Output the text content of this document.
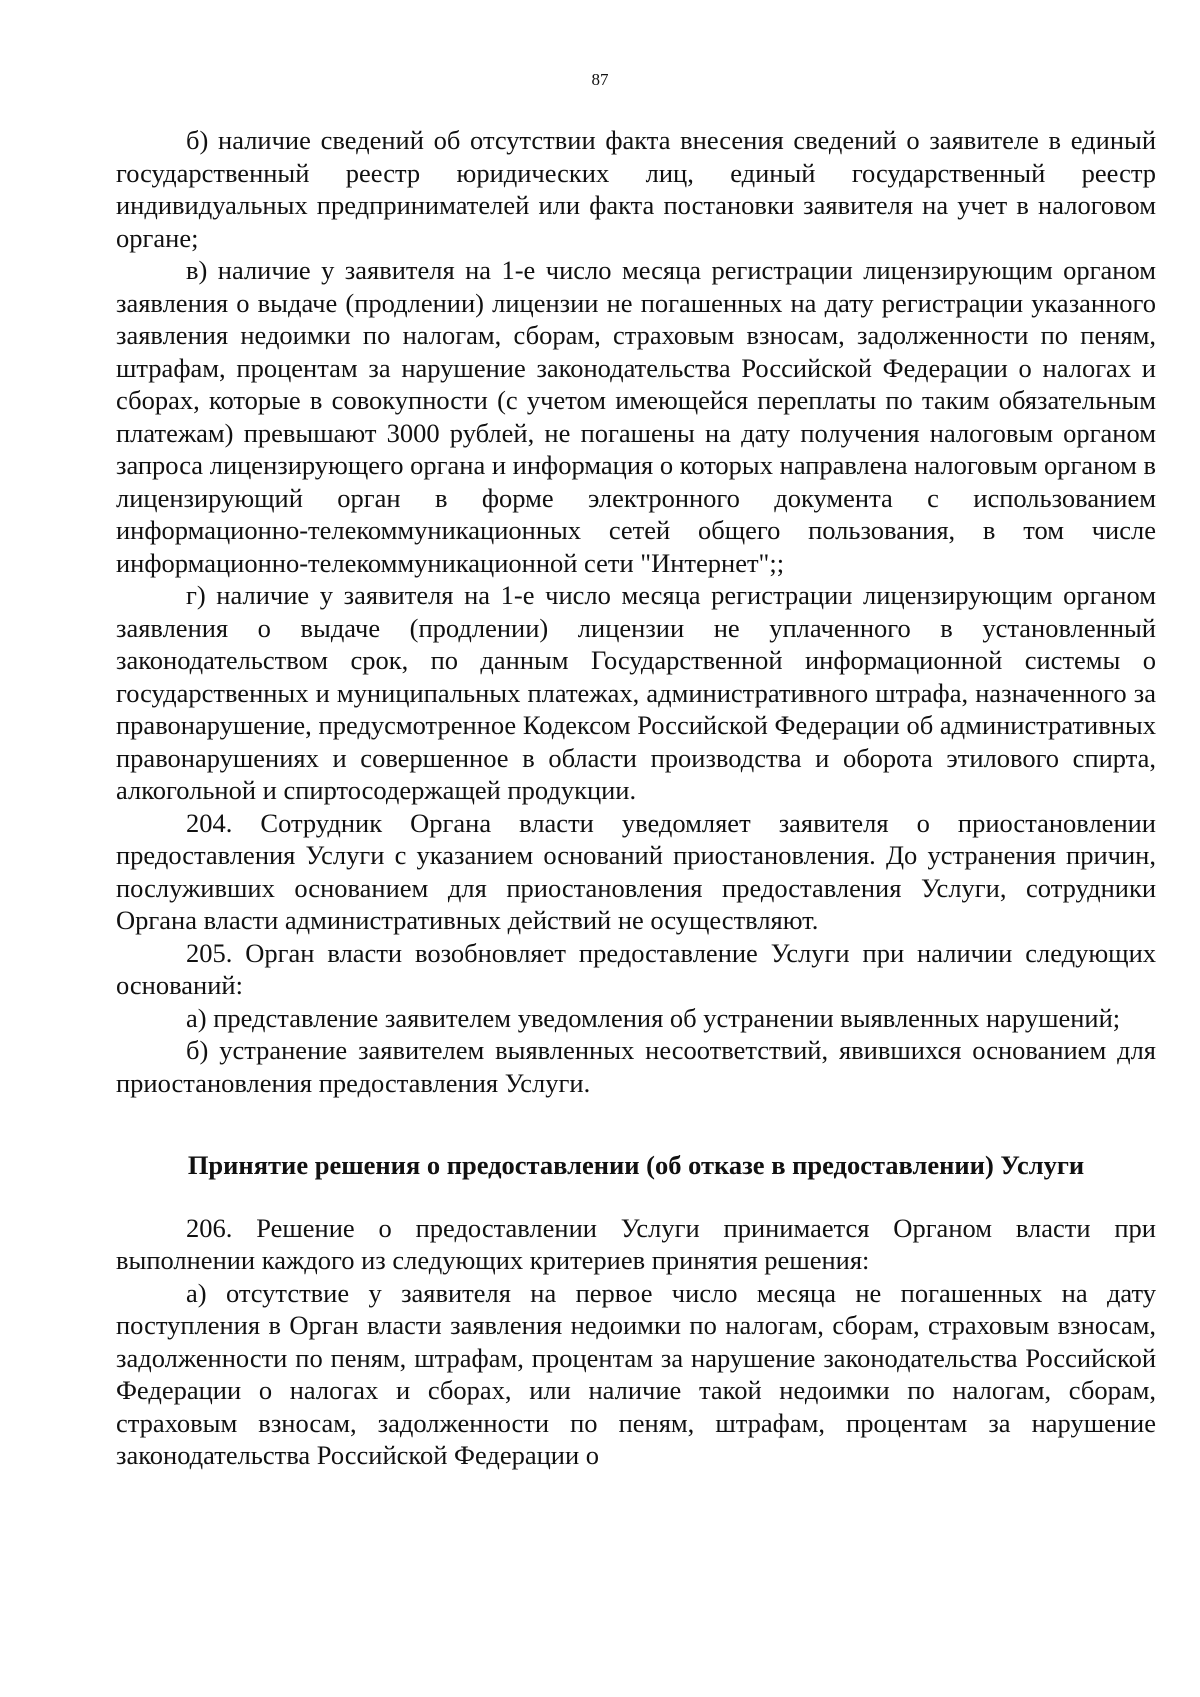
87

б) наличие сведений об отсутствии факта внесения сведений о заявителе в единый государственный реестр юридических лиц, единый государственный реестр индивидуальных предпринимателей или факта постановки заявителя на учет в налоговом органе;

в) наличие у заявителя на 1-е число месяца регистрации лицензирующим органом заявления о выдаче (продлении) лицензии не погашенных на дату регистрации указанного заявления недоимки по налогам, сборам, страховым взносам, задолженности по пеням, штрафам, процентам за нарушение законодательства Российской Федерации о налогах и сборах, которые в совокупности (с учетом имеющейся переплаты по таким обязательным платежам) превышают 3000 рублей, не погашены на дату получения налоговым органом запроса лицензирующего органа и информация о которых направлена налоговым органом в лицензирующий орган в форме электронного документа с использованием информационно-телекоммуникационных сетей общего пользования, в том числе информационно-телекоммуникационной сети "Интернет";;

г) наличие у заявителя на 1-е число месяца регистрации лицензирующим органом заявления о выдаче (продлении) лицензии не уплаченного в установленный законодательством срок, по данным Государственной информационной системы о государственных и муниципальных платежах, административного штрафа, назначенного за правонарушение, предусмотренное Кодексом Российской Федерации об административных правонарушениях и совершенное в области производства и оборота этилового спирта, алкогольной и спиртосодержащей продукции.

204. Сотрудник Органа власти уведомляет заявителя о приостановлении предоставления Услуги с указанием оснований приостановления. До устранения причин, послуживших основанием для приостановления предоставления Услуги, сотрудники Органа власти административных действий не осуществляют.

205. Орган власти возобновляет предоставление Услуги при наличии следующих оснований:

а) представление заявителем уведомления об устранении выявленных нарушений;

б) устранение заявителем выявленных несоответствий, явившихся основанием для приостановления предоставления Услуги.

Принятие решения о предоставлении (об отказе в предоставлении) Услуги

206. Решение о предоставлении Услуги принимается Органом власти при выполнении каждого из следующих критериев принятия решения:

а) отсутствие у заявителя на первое число месяца не погашенных на дату поступления в Орган власти заявления недоимки по налогам, сборам, страховым взносам, задолженности по пеням, штрафам, процентам за нарушение законодательства Российской Федерации о налогах и сборах, или наличие такой недоимки по налогам, сборам, страховым взносам, задолженности по пеням, штрафам, процентам за нарушение законодательства Российской Федерации о
